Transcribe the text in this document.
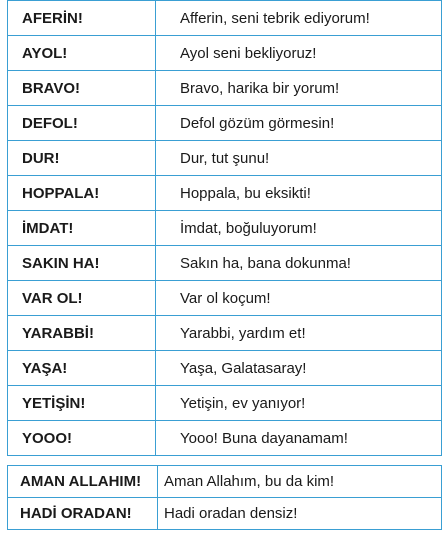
AFERİN!	Afferin, seni tebrik ediyorum!
AYOL!	Ayol seni bekliyoruz!
BRAVO!	Bravo, harika bir yorum!
DEFOL!	Defol gözüm görmesin!
DUR!	Dur, tut şunu!
HOPPALA!	Hoppala, bu eksikti!
İMDAT!	İmdat, boğuluyorum!
SAKIN HA!	Sakın ha, bana dokunma!
VAR OL!	Var ol koçum!
YARABBİ!	Yarabbi, yardım et!
YAŞA!	Yaşa, Galatasaray!
YETİŞİN!	Yetişin, ev yanıyor!
YOOO!	Yooo! Buna dayanamam!
AMAN ALLAHIM!	Aman Allahım, bu da kim!
HADİ ORADAN!	Hadi oradan densiz!
